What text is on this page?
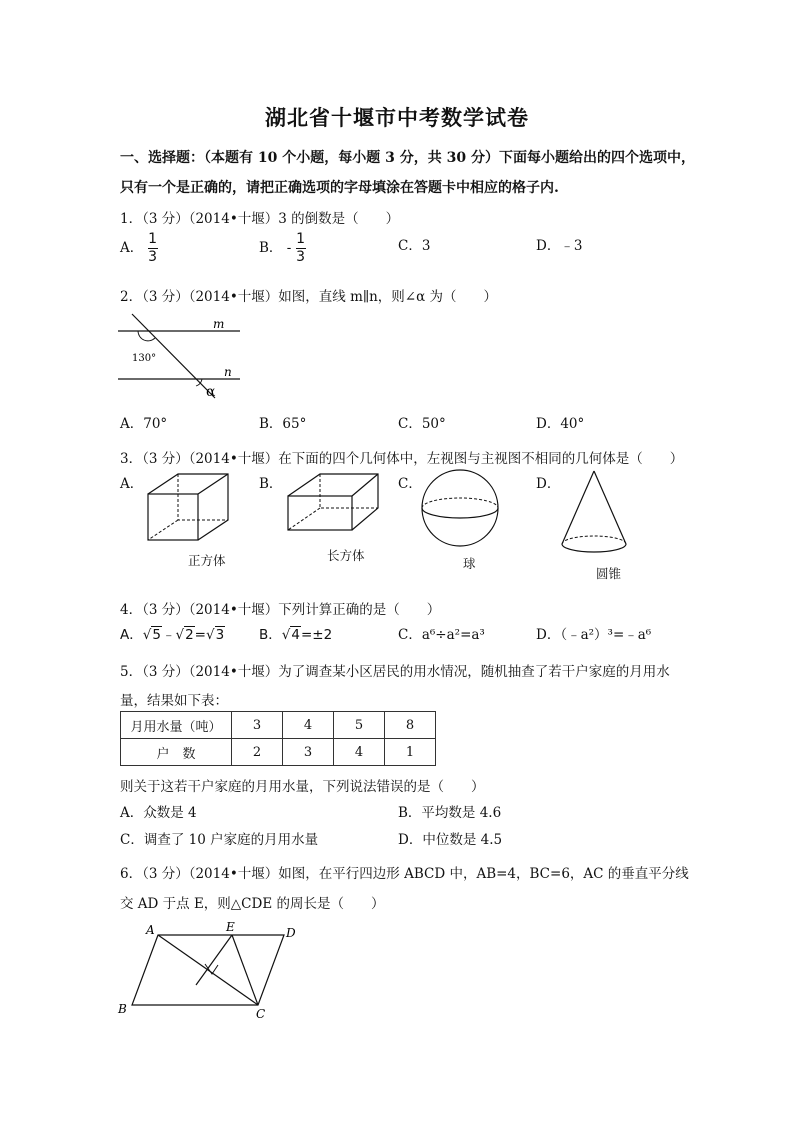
湖北省十堰市中考数学试卷
一、选择题：（本题有 10 个小题，每小题 3 分，共 30 分）下面每小题给出的四个选项中，
只有一个是正确的，请把正确选项的字母填涂在答题卡中相应的格子内.
1．（3 分）（2014•十堰）3 的倒数是（　　）
A． $\frac{1}{3}$	B． - $\frac{1}{3}$	C．3	D．﹣3
2．（3 分）（2014•十堰）如图，直线 m∥n，则∠α 为（　　）
m
n
130°
α
A．70°	B．65°	C．50°	D．40°
3．（3 分）（2014•十堰）在下面的四个几何体中，左视图与主视图不相同的几何体是（　　）
A．	B．	C．	D．
正方体	长方体
球
圆锥
4．（3 分）（2014•十堰）下列计算正确的是（　　）
A．√5﹣√2=√3	B．√4=±2	C．a⁶÷a²=a³	D．（﹣a²）³=﹣a⁶
5．（3 分）（2014•十堰）为了调查某小区居民的用水情况，随机抽查了若干户家庭的月用水
量，结果如下表：
月用水量（吨）	3	4	5	8
户　数	2	3	4	1
则关于这若干户家庭的月用水量，下列说法错误的是（　　）
A．众数是 4	B．平均数是 4.6
C．调查了 10 户家庭的月用水量	D．中位数是 4.5
6．（3 分）（2014•十堰）如图，在平行四边形 ABCD 中，AB=4，BC=6，AC 的垂直平分线
交 AD 于点 E，则△CDE 的周长是（　　）
A	E	D
B	C
